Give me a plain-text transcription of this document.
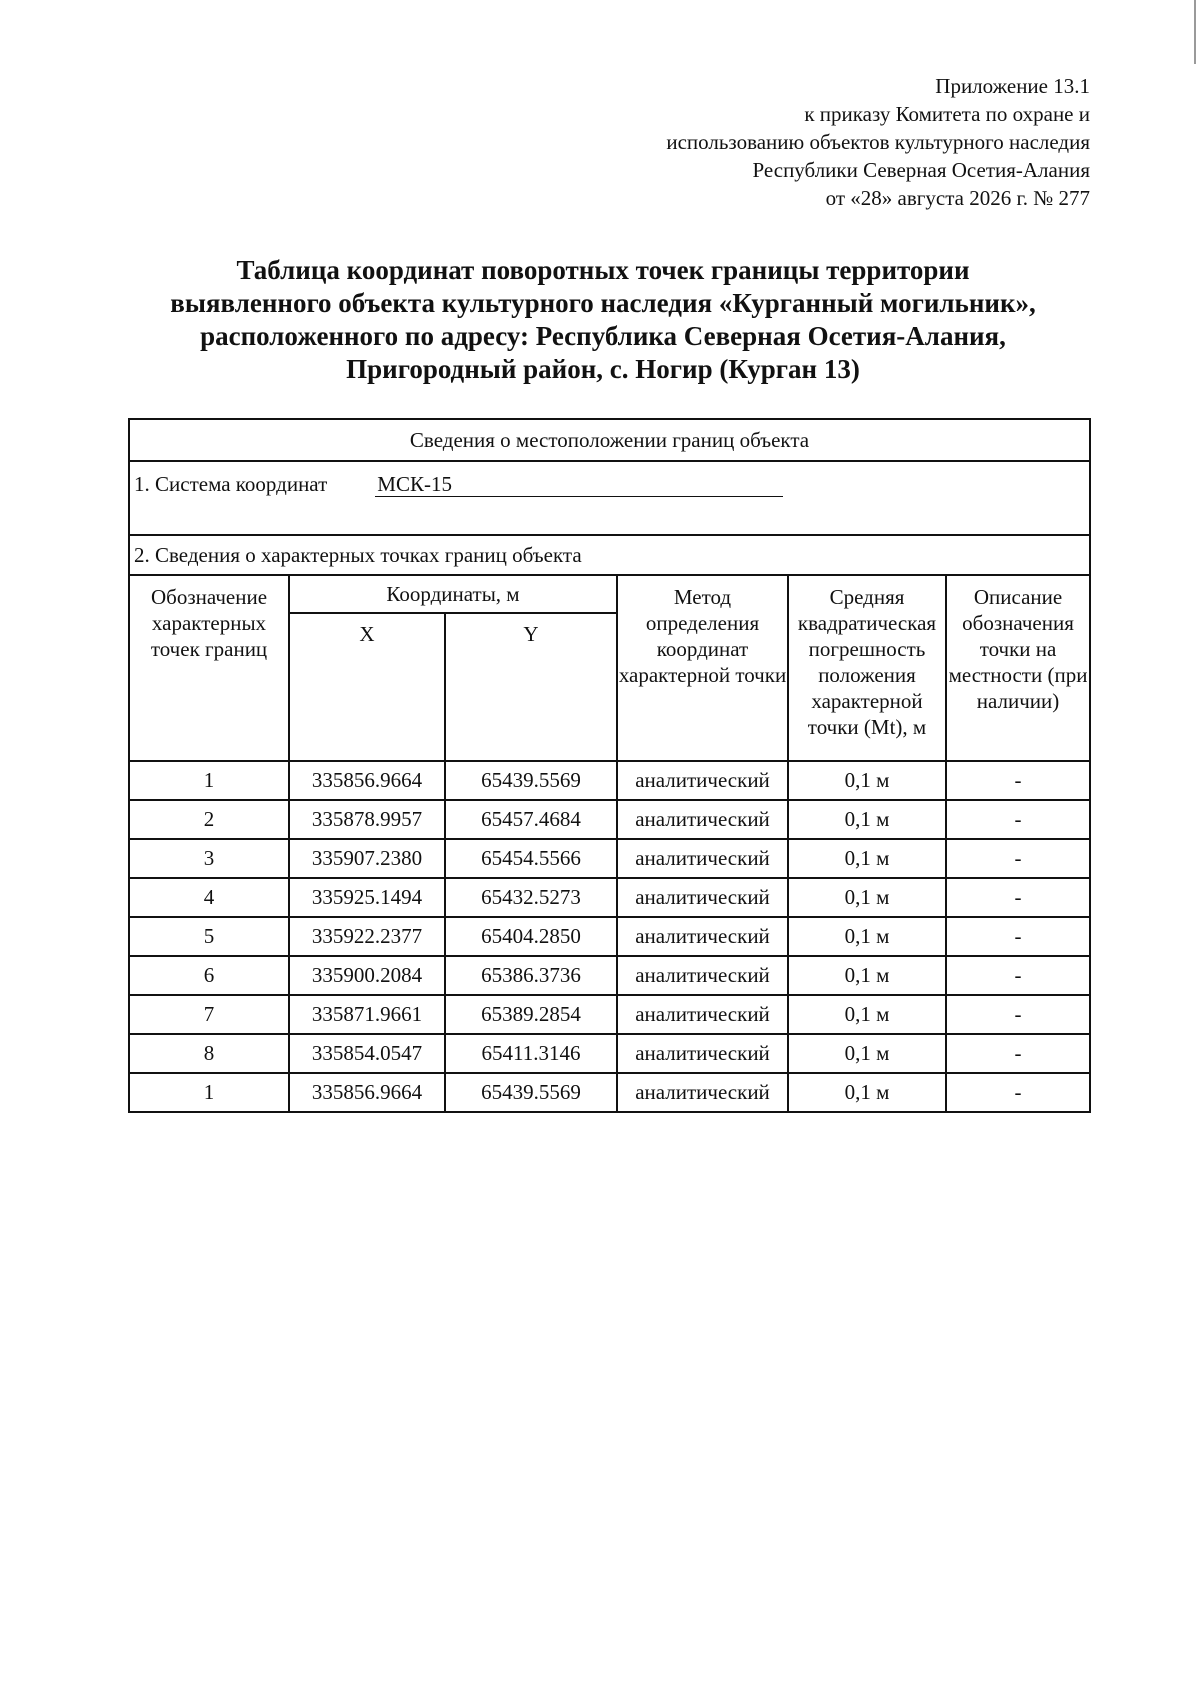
Приложение 13.1
к приказу Комитета по охране и
использованию объектов культурного наследия
Республики Северная Осетия-Алания
от «28» августа 2026 г. № 277
Таблица координат поворотных точек границы территории
выявленного объекта культурного наследия «Курганный могильник»,
расположенного по адресу: Республика Северная Осетия-Алания,
Пригородный район, с. Ногир (Курган 13)
Сведения о местоположении границ объекта					
1. Система координат МСК-15					
2. Сведения о характерных точках границ объекта					
Обозначение характерных точек границ	Координаты, м		Метод определения координат характерной точки	Средняя квадратическая погрешность положения характерной точки (Mt), м	Описание обозначения точки на местности (при наличии)
	X	Y			
1	335856.9664	65439.5569	аналитический	0,1 м	-
2	335878.9957	65457.4684	аналитический	0,1 м	-
3	335907.2380	65454.5566	аналитический	0,1 м	-
4	335925.1494	65432.5273	аналитический	0,1 м	-
5	335922.2377	65404.2850	аналитический	0,1 м	-
6	335900.2084	65386.3736	аналитический	0,1 м	-
7	335871.9661	65389.2854	аналитический	0,1 м	-
8	335854.0547	65411.3146	аналитический	0,1 м	-
1	335856.9664	65439.5569	аналитический	0,1 м	-
